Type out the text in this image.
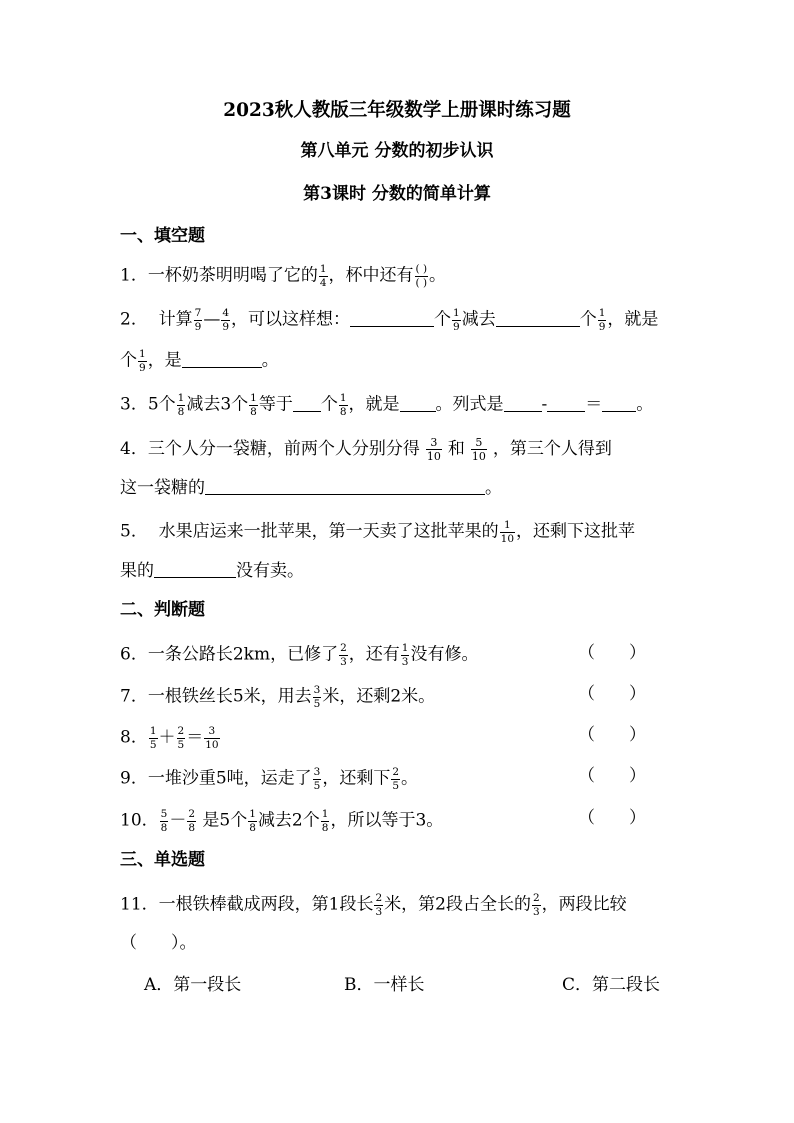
2023秋人教版三年级数学上册课时练习题
第八单元 分数的初步认识
第3课时 分数的简单计算
一、填空题
1．一杯奶茶明明喝了它的 $\frac{1}{4}$ ，杯中还有 ( )
( ) 。
2． 计算 $\frac{7}{9}$ — $\frac{4}{9}$ ，可以这样想：	个 $\frac{1}{9}$ 减去	个 $\frac{1}{9}$ ，就是
个 $\frac{1}{9}$ ，是	。
3．5个 $\frac{1}{8}$ 减去3个 $\frac{1}{8}$ 等于 个 $\frac{1}{8}$ ，就是 。列式是 - ＝ 。
4．三个人分一袋糖，前两个人分别分得 $\frac{3}{10}$ 和 $\frac{5}{10}$ ，第三个人得到
这一袋糖的	。
5． 水果店运来一批苹果，第一天卖了这批苹果的 $\frac{1}{10}$ ，还剩下这批苹
果的	没有卖。
二、判断题
6．一条公路长2km，已修了 $\frac{2}{3}$ ，还有 $\frac{1}{3}$ 没有修。	（　　）
7．一根铁丝长5米，用去 $\frac{3}{5}$ 米，还剩2米。	（　　）
8． $\frac{1}{5} + \frac{2}{5} = \frac{3}{10}$	（　　）
9．一堆沙重5吨，运走了 $\frac{3}{5}$ ，还剩下 $\frac{2}{5}$ 。	（　　）
10． $\frac{5}{8} - \frac{2}{8}$ 是5个 $\frac{1}{8}$ 减去2个 $\frac{1}{8}$ ，所以等于3。	（　　）
三、单选题
11．一根铁棒截成两段，第1段长 $\frac{2}{3}$ 米，第2段占全长的 $\frac{2}{3}$ ，两段比较
（　　）。
A．第一段长	B．一样长	C．第二段长
